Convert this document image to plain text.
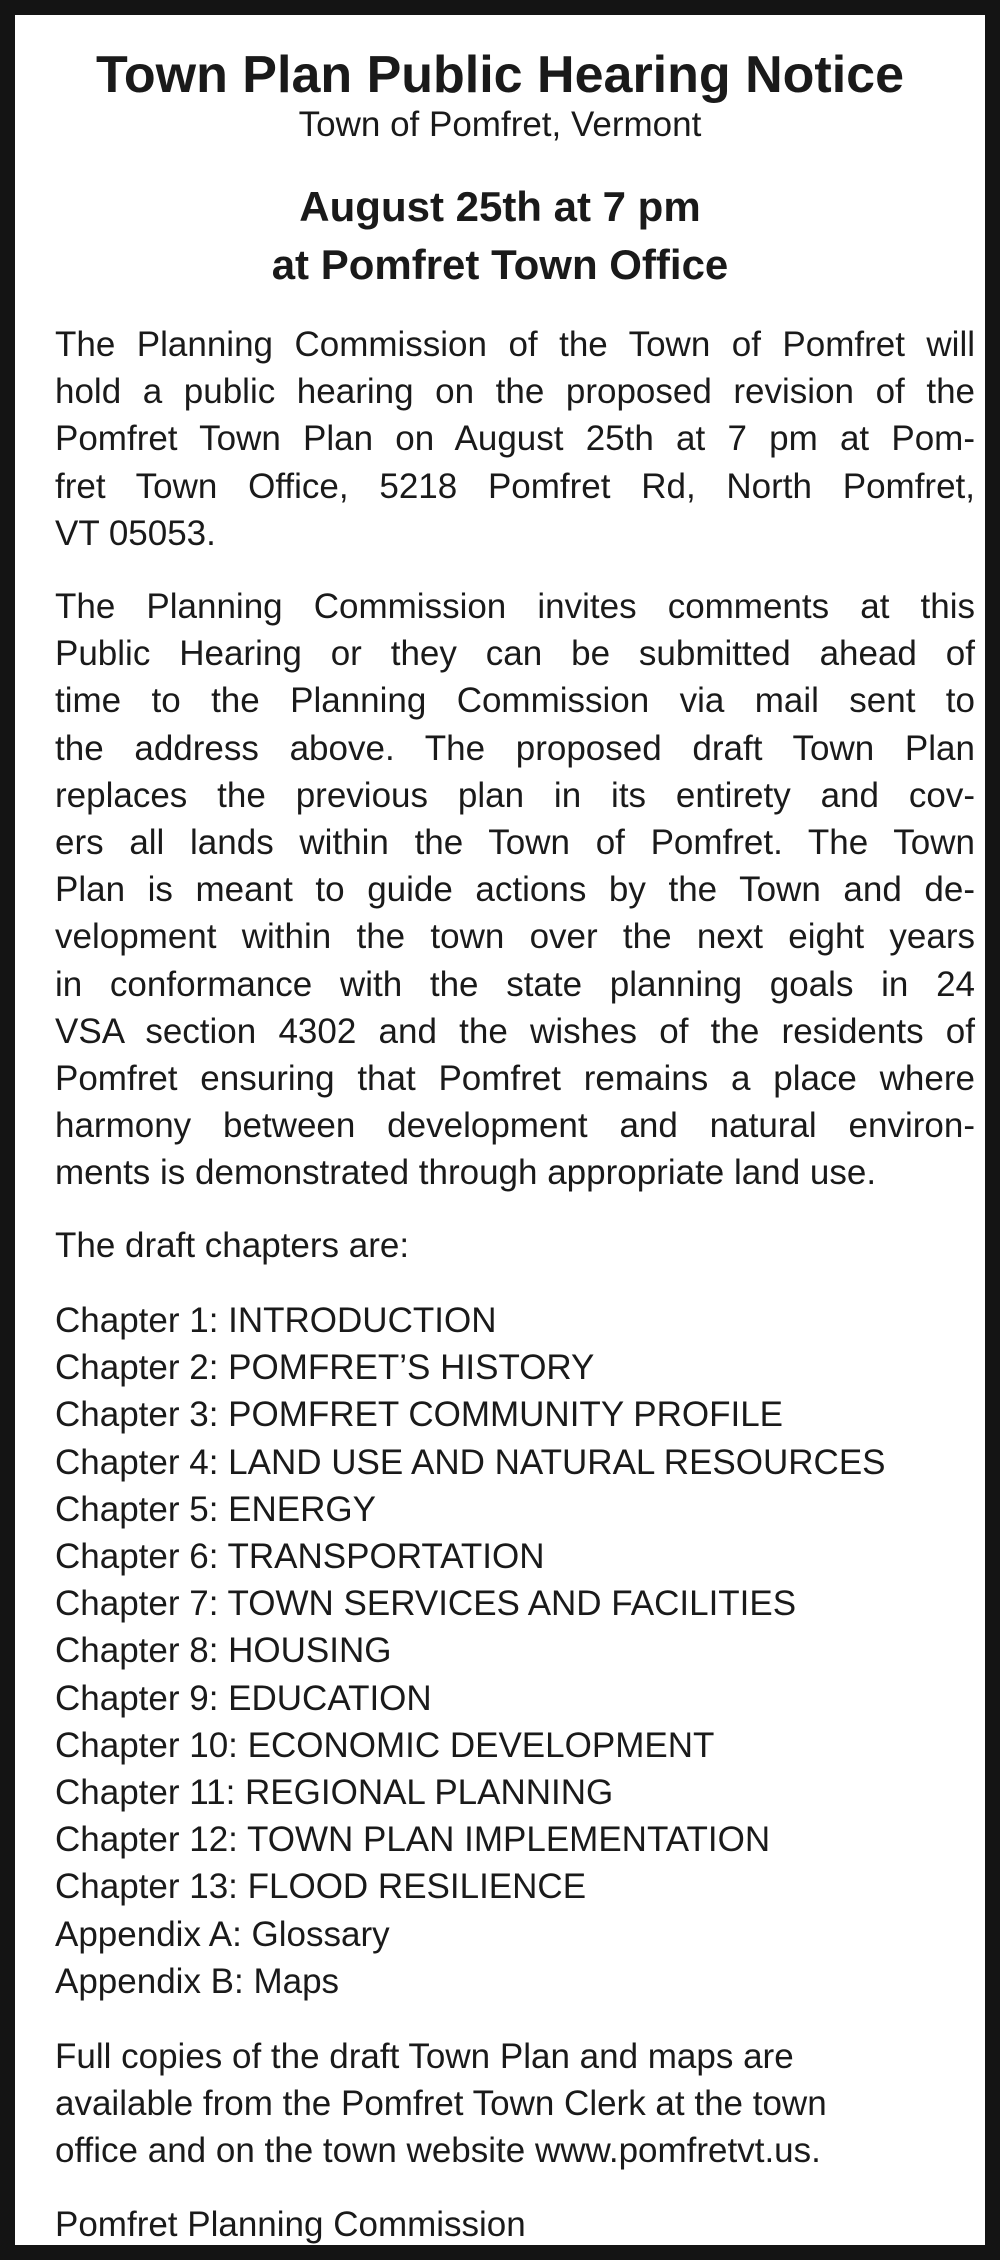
Town Plan Public Hearing Notice

Town of Pomfret, Vermont

August 25th at 7 pm

at Pomfret Town Office

The Planning Commission of the Town of Pomfret will
hold a public hearing on the proposed revision of the
Pomfret Town Plan on August 25th at 7 pm at Pom-
fret Town Office, 5218 Pomfret Rd, North Pomfret,
VT 05053.
The Planning Commission invites comments at this
Public Hearing or they can be submitted ahead of
time to the Planning Commission via mail sent to
the address above. The proposed draft Town Plan
replaces the previous plan in its entirety and cov-
ers all lands within the Town of Pomfret. The Town
Plan is meant to guide actions by the Town and de-
velopment within the town over the next eight years
in conformance with the state planning goals in 24
VSA section 4302 and the wishes of the residents of
Pomfret ensuring that Pomfret remains a place where
harmony between development and natural environ-
ments is demonstrated through appropriate land use.

The draft chapters are:

Chapter 1: INTRODUCTION
Chapter 2: POMFRET’S HISTORY
Chapter 3: POMFRET COMMUNITY PROFILE
Chapter 4: LAND USE AND NATURAL RESOURCES
Chapter 5: ENERGY
Chapter 6: TRANSPORTATION
Chapter 7: TOWN SERVICES AND FACILITIES
Chapter 8: HOUSING
Chapter 9: EDUCATION
Chapter 10: ECONOMIC DEVELOPMENT
Chapter 11: REGIONAL PLANNING
Chapter 12: TOWN PLAN IMPLEMENTATION
Chapter 13: FLOOD RESILIENCE
Appendix A: Glossary
Appendix B: Maps
Full copies of the draft Town Plan and maps are
available from the Pomfret Town Clerk at the town
office and on the town website www.pomfretvt.us.

Pomfret Planning Commission
